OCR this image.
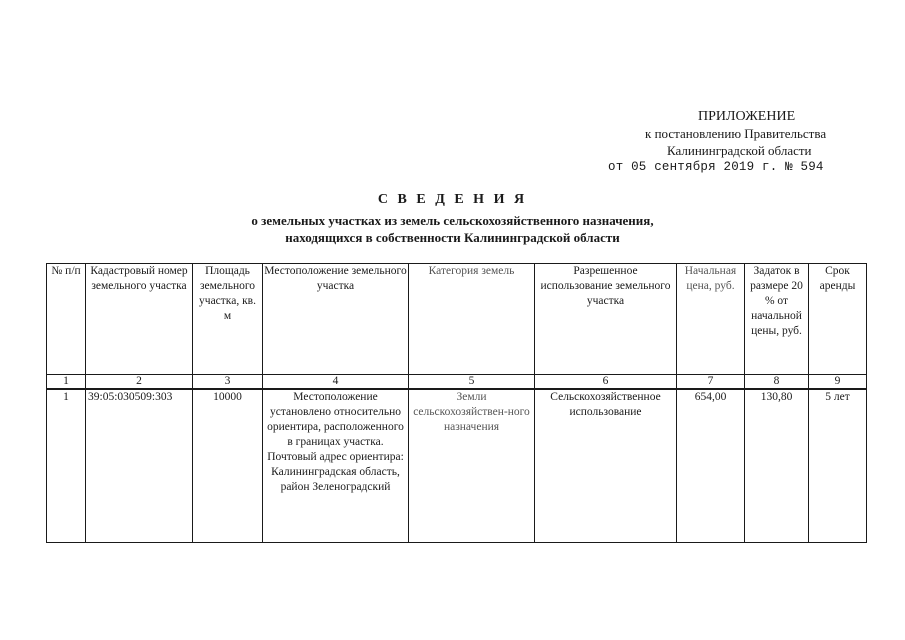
ПРИЛОЖЕНИЕ
к постановлению Правительства
Калининградской области
от 05 сентября 2019 г. № 594
С В Е Д Е Н И Я
о земельных участках из земель сельскохозяйственного назначения,
находящихся в собственности Калининградской области
№ п/п	Кадастровый номер земельного участка	Площадь земельного участка, кв. м	Местоположение земельного участка	Категория земель	Разрешенное использование земельного участка	Начальная цена, руб.	Задаток в размере 20 % от начальной цены, руб.	Срок аренды
1	2	3	4	5	6	7	8	9
1	39:05:030509:303	10000	Местоположение установлено относительно ориентира, расположенного в границах участка. Почтовый адрес ориентира: Калининградская область, район Зеленоградский	Земли сельскохозяйствен-ного назначения	Сельскохозяйственное использование	654,00	130,80	5 лет
